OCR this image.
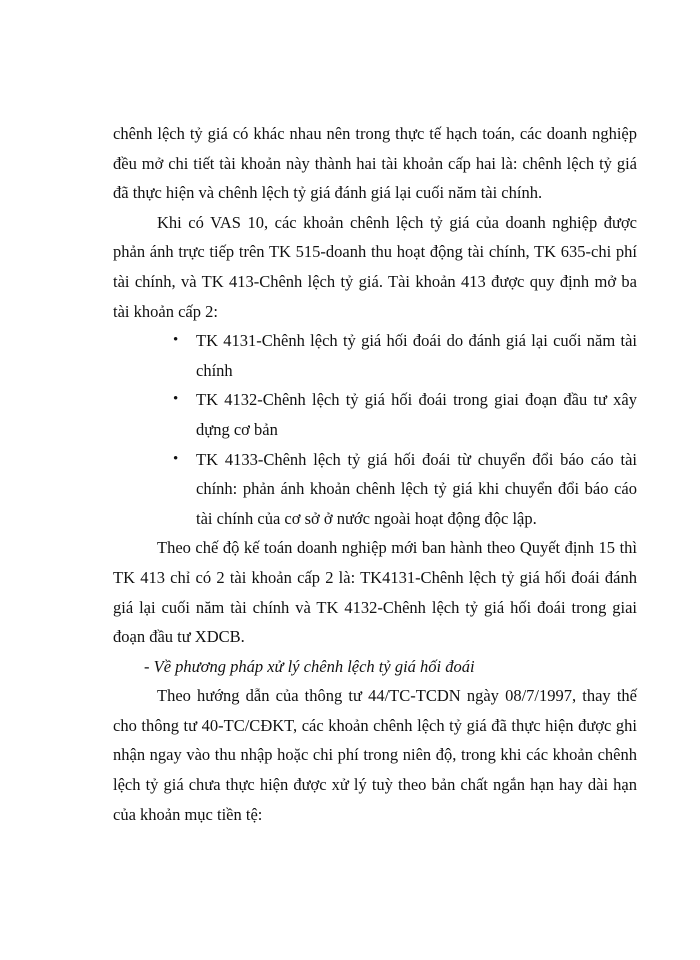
chênh lệch tỷ giá có khác nhau nên trong thực tế hạch toán, các doanh nghiệp đều mở chi tiết tài khoản này thành hai tài khoản cấp hai là: chênh lệch tỷ giá đã thực hiện và chênh lệch tỷ giá đánh giá lại cuối năm tài chính.

Khi có VAS 10, các khoản chênh lệch tỷ giá của doanh nghiệp được phản ánh trực tiếp trên TK 515-doanh thu hoạt động tài chính, TK 635-chi phí tài chính, và TK 413-Chênh lệch tỷ giá. Tài khoản 413 được quy định mở ba tài khoản cấp 2:

• TK 4131-Chênh lệch tỷ giá hối đoái do đánh giá lại cuối năm tài chính
• TK 4132-Chênh lệch tỷ giá hối đoái trong giai đoạn đầu tư xây dựng cơ bản
• TK 4133-Chênh lệch tỷ giá hối đoái từ chuyển đổi báo cáo tài chính: phản ánh khoản chênh lệch tỷ giá khi chuyển đổi báo cáo tài chính của cơ sở ở nước ngoài hoạt động độc lập.

Theo chế độ kế toán doanh nghiệp mới ban hành theo Quyết định 15 thì TK 413 chỉ có 2 tài khoản cấp 2 là: TK4131-Chênh lệch tỷ giá hối đoái đánh giá lại cuối năm tài chính và TK 4132-Chênh lệch tỷ giá hối đoái trong giai đoạn đầu tư XDCB.

- Về phương pháp xử lý chênh lệch tỷ giá hối đoái

Theo hướng dẫn của thông tư 44/TC-TCDN ngày 08/7/1997, thay thế cho thông tư 40-TC/CĐKT, các khoản chênh lệch tỷ giá đã thực hiện được ghi nhận ngay vào thu nhập hoặc chi phí trong niên độ, trong khi các khoản chênh lệch tỷ giá chưa thực hiện được xử lý tuỳ theo bản chất ngắn hạn hay dài hạn của khoản mục tiền tệ:
